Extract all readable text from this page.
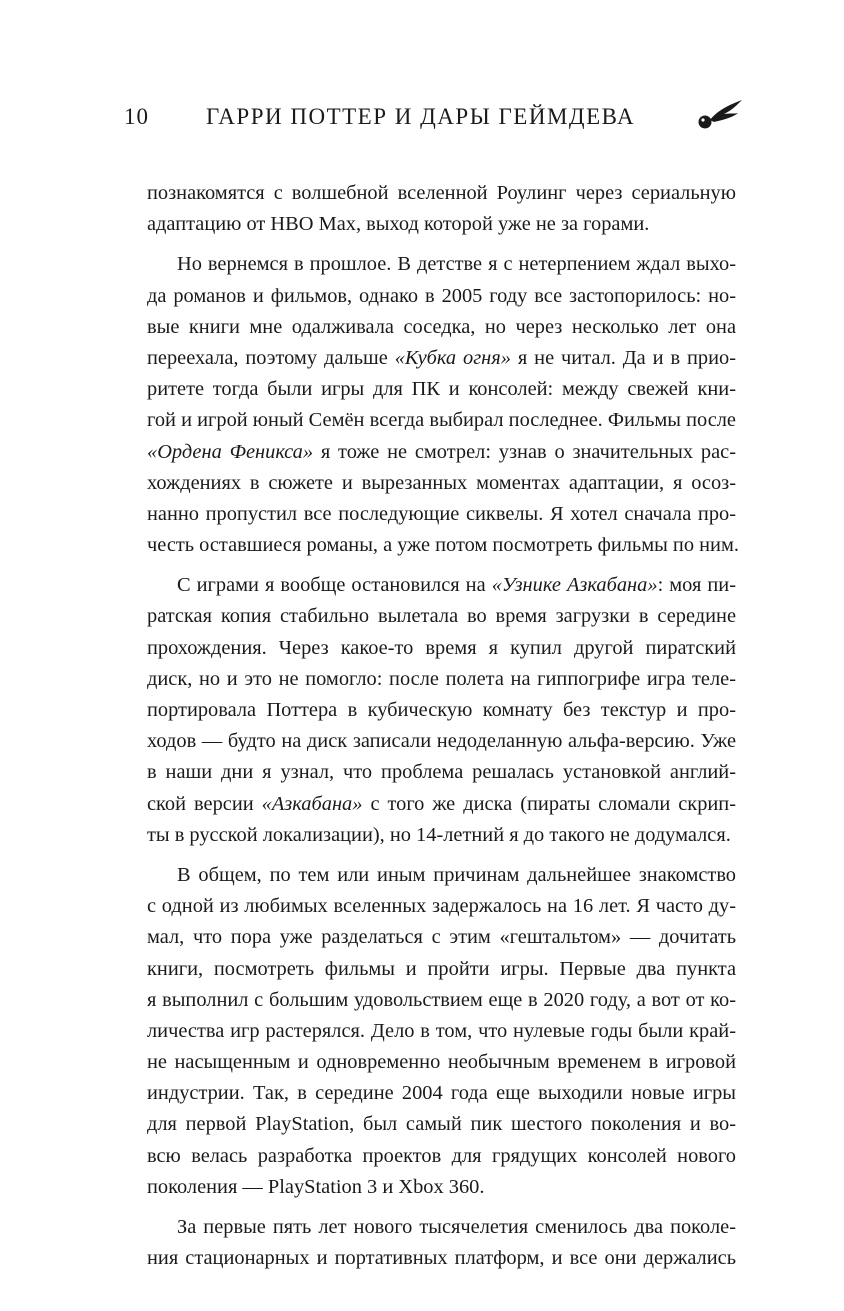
10 ГАРРИ ПОТТЕР И ДАРЫ ГЕЙМДЕВА
познакомятся с волшебной вселенной Роулинг через сериальную
адаптацию от HBO Max, выход которой уже не за горами.
Но вернемся в прошлое. В детстве я с нетерпением ждал выхо-
да романов и фильмов, однако в 2005 году все застопорилось: но-
вые книги мне одалживала соседка, но через несколько лет она
переехала, поэтому дальше «Кубка огня» я не читал. Да и в прио-
ритете тогда были игры для ПК и консолей: между свежей кни-
гой и игрой юный Семён всегда выбирал последнее. Фильмы после
«Ордена Феникса» я тоже не смотрел: узнав о значительных рас-
хождениях в сюжете и вырезанных моментах адаптации, я осоз-
нанно пропустил все последующие сиквелы. Я хотел сначала про-
честь оставшиеся романы, а уже потом посмотреть фильмы по ним.
С играми я вообще остановился на «Узнике Азкабана»: моя пи-
ратская копия стабильно вылетала во время загрузки в середине
прохождения. Через какое-то время я купил другой пиратский
диск, но и это не помогло: после полета на гиппогрифе игра теле-
портировала Поттера в кубическую комнату без текстур и про-
ходов — будто на диск записали недоделанную альфа-версию. Уже
в наши дни я узнал, что проблема решалась установкой англий-
ской версии «Азкабана» с того же диска (пираты сломали скрип-
ты в русской локализации), но 14-летний я до такого не додумался.
В общем, по тем или иным причинам дальнейшее знакомство
с одной из любимых вселенных задержалось на 16 лет. Я часто ду-
мал, что пора уже разделаться с этим «гештальтом» — дочитать
книги, посмотреть фильмы и пройти игры. Первые два пункта
я выполнил с большим удовольствием еще в 2020 году, а вот от ко-
личества игр растерялся. Дело в том, что нулевые годы были край-
не насыщенным и одновременно необычным временем в игровой
индустрии. Так, в середине 2004 года еще выходили новые игры
для первой PlayStation, был самый пик шестого поколения и во-
всю велась разработка проектов для грядущих консолей нового
поколения — PlayStation 3 и Xbox 360.
За первые пять лет нового тысячелетия сменилось два поколе-
ния стационарных и портативных платформ, и все они держались
